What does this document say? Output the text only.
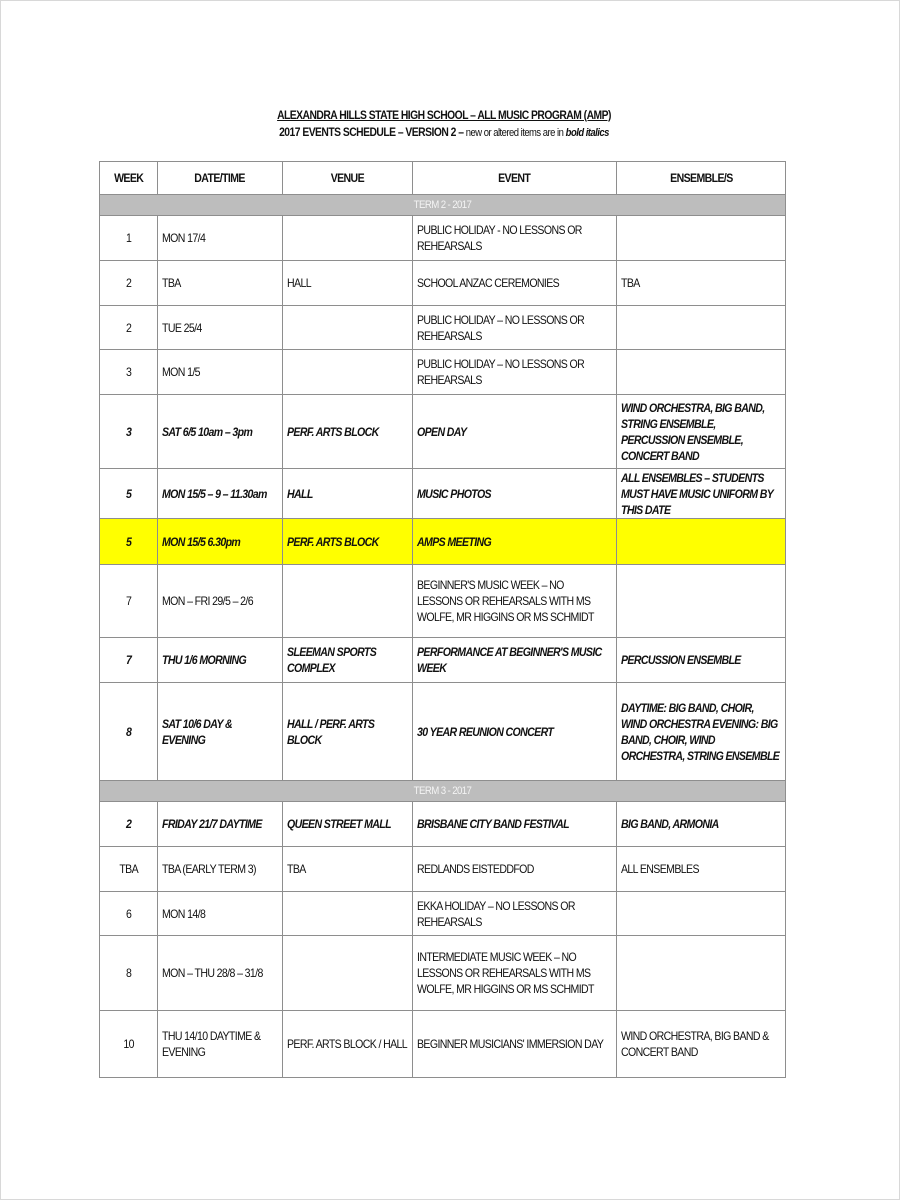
ALEXANDRA HILLS STATE HIGH SCHOOL – ALL MUSIC PROGRAM (AMP)
2017 EVENTS SCHEDULE – VERSION 2 – new or altered items are in bold italics
WEEK	DATE/TIME	VENUE	EVENT	ENSEMBLE/S

TERM 2 - 2017				

1	MON 17/4		PUBLIC HOLIDAY - NO LESSONS OR REHEARSALS	

2	TBA	HALL	SCHOOL ANZAC CEREMONIES	TBA

2	TUE 25/4		PUBLIC HOLIDAY – NO LESSONS OR REHEARSALS	

3	MON 1/5		PUBLIC HOLIDAY – NO LESSONS OR REHEARSALS	

3	SAT 6/5 10am – 3pm	PERF. ARTS BLOCK	OPEN DAY	WIND ORCHESTRA, BIG BAND, STRING ENSEMBLE, PERCUSSION ENSEMBLE, CONCERT BAND

5	MON 15/5 – 9 – 11.30am	HALL	MUSIC PHOTOS	ALL ENSEMBLES – STUDENTS MUST HAVE MUSIC UNIFORM BY THIS DATE

5	MON 15/5 6.30pm	PERF. ARTS BLOCK	AMPS MEETING	

7	MON – FRI 29/5 – 2/6		BEGINNER'S MUSIC WEEK – NO LESSONS OR REHEARSALS WITH MS WOLFE, MR HIGGINS OR MS SCHMIDT	

7	THU 1/6 MORNING	SLEEMAN SPORTS COMPLEX	PERFORMANCE AT BEGINNER'S MUSIC WEEK	PERCUSSION ENSEMBLE

8	SAT 10/6 DAY & EVENING	HALL / PERF. ARTS BLOCK	30 YEAR REUNION CONCERT	DAYTIME: BIG BAND, CHOIR, WIND ORCHESTRA EVENING: BIG BAND, CHOIR, WIND ORCHESTRA, STRING ENSEMBLE

TERM 3 - 2017				

2	FRIDAY 21/7 DAYTIME	QUEEN STREET MALL	BRISBANE CITY BAND FESTIVAL	BIG BAND, ARMONIA

TBA	TBA (EARLY TERM 3)	TBA	REDLANDS EISTEDDFOD	ALL ENSEMBLES

6	MON 14/8		EKKA HOLIDAY – NO LESSONS OR REHEARSALS	

8	MON – THU 28/8 – 31/8		INTERMEDIATE MUSIC WEEK – NO LESSONS OR REHEARSALS WITH MS WOLFE, MR HIGGINS OR MS SCHMIDT	

10	THU 14/10 DAYTIME & EVENING	PERF. ARTS BLOCK / HALL	BEGINNER MUSICIANS' IMMERSION DAY	WIND ORCHESTRA, BIG BAND & CONCERT BAND
